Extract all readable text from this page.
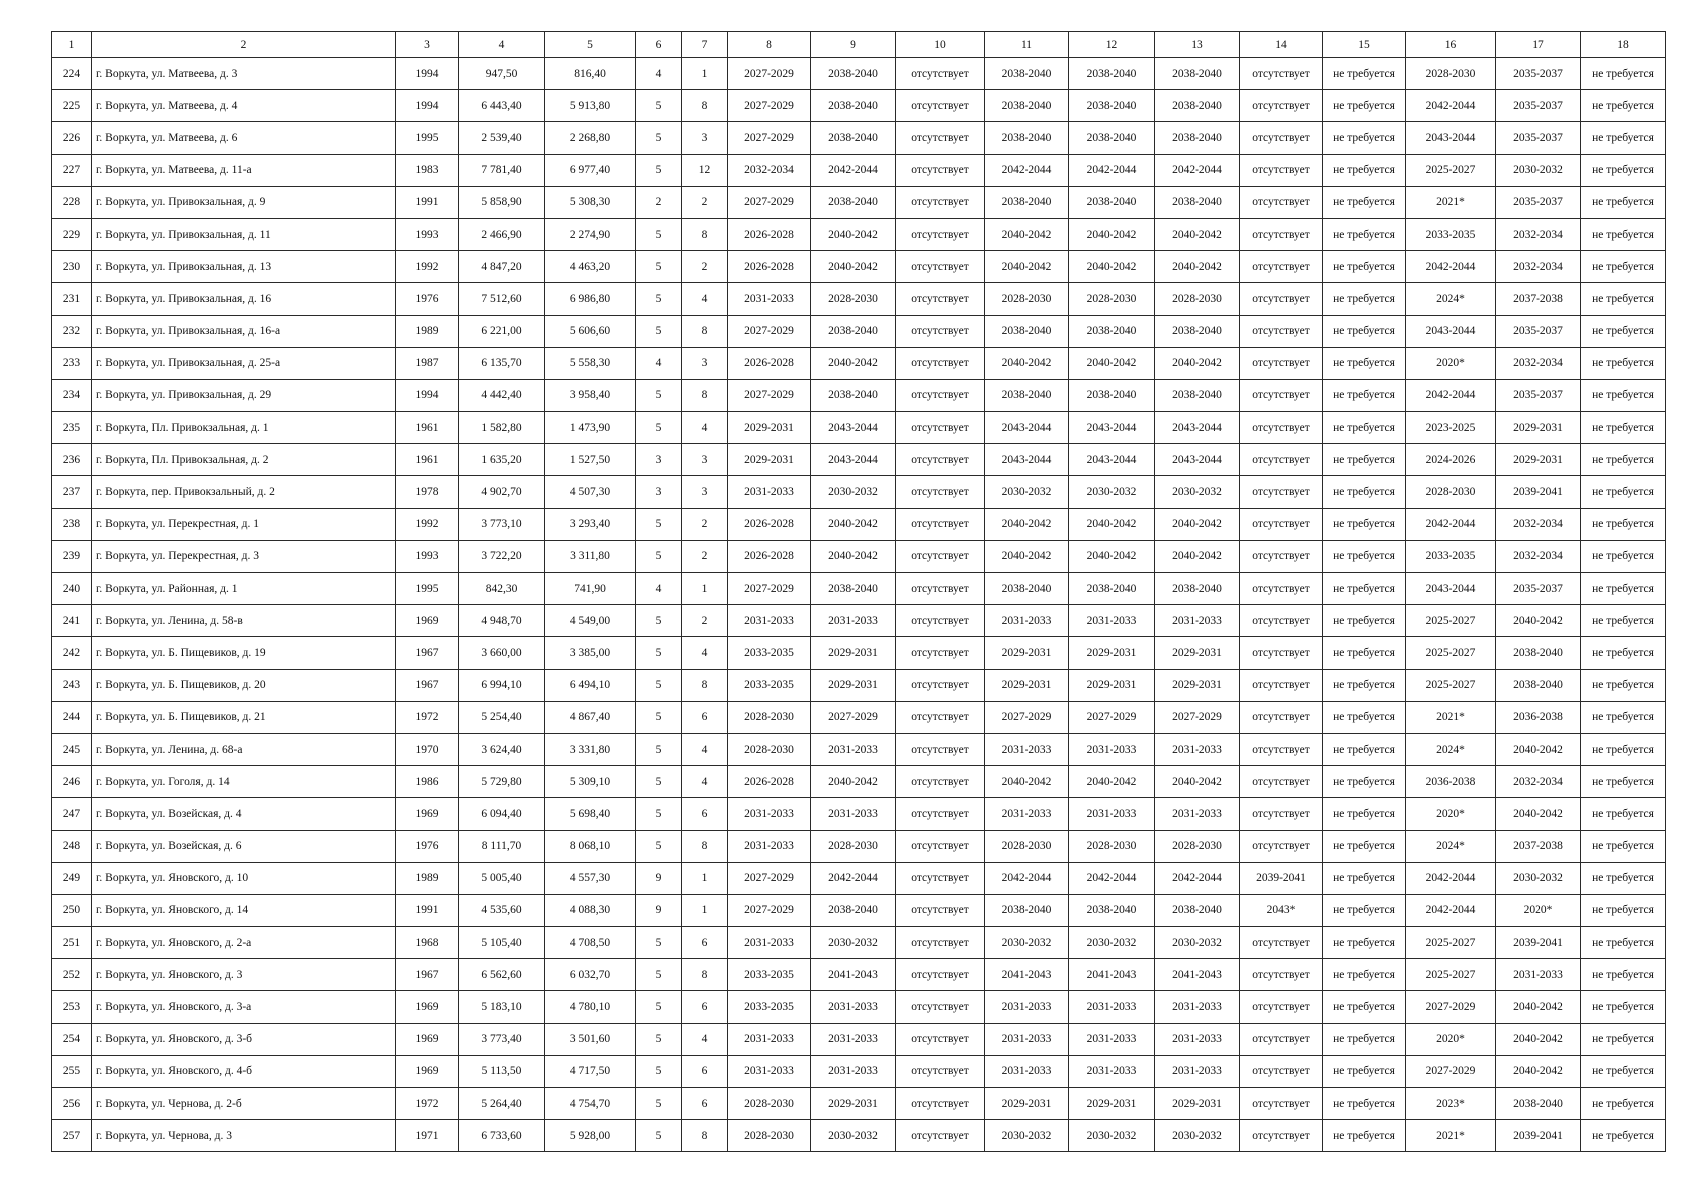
1	2	3	4	5	6	7	8	9	10	11	12	13	14	15	16	17	18
224	г. Воркута, ул. Матвеева, д. 3	1994	947,50	816,40	4	1	2027-2029	2038-2040	отсутствует	2038-2040	2038-2040	2038-2040	отсутствует	не требуется	2028-2030	2035-2037	не требуется
225	г. Воркута, ул. Матвеева, д. 4	1994	6 443,40	5 913,80	5	8	2027-2029	2038-2040	отсутствует	2038-2040	2038-2040	2038-2040	отсутствует	не требуется	2042-2044	2035-2037	не требуется
226	г. Воркута, ул. Матвеева, д. 6	1995	2 539,40	2 268,80	5	3	2027-2029	2038-2040	отсутствует	2038-2040	2038-2040	2038-2040	отсутствует	не требуется	2043-2044	2035-2037	не требуется
227	г. Воркута, ул. Матвеева, д. 11-а	1983	7 781,40	6 977,40	5	12	2032-2034	2042-2044	отсутствует	2042-2044	2042-2044	2042-2044	отсутствует	не требуется	2025-2027	2030-2032	не требуется
228	г. Воркута, ул. Привокзальная, д. 9	1991	5 858,90	5 308,30	2	2	2027-2029	2038-2040	отсутствует	2038-2040	2038-2040	2038-2040	отсутствует	не требуется	2021*	2035-2037	не требуется
229	г. Воркута, ул. Привокзальная, д. 11	1993	2 466,90	2 274,90	5	8	2026-2028	2040-2042	отсутствует	2040-2042	2040-2042	2040-2042	отсутствует	не требуется	2033-2035	2032-2034	не требуется
230	г. Воркута, ул. Привокзальная, д. 13	1992	4 847,20	4 463,20	5	2	2026-2028	2040-2042	отсутствует	2040-2042	2040-2042	2040-2042	отсутствует	не требуется	2042-2044	2032-2034	не требуется
231	г. Воркута, ул. Привокзальная, д. 16	1976	7 512,60	6 986,80	5	4	2031-2033	2028-2030	отсутствует	2028-2030	2028-2030	2028-2030	отсутствует	не требуется	2024*	2037-2038	не требуется
232	г. Воркута, ул. Привокзальная, д. 16-а	1989	6 221,00	5 606,60	5	8	2027-2029	2038-2040	отсутствует	2038-2040	2038-2040	2038-2040	отсутствует	не требуется	2043-2044	2035-2037	не требуется
233	г. Воркута, ул. Привокзальная, д. 25-а	1987	6 135,70	5 558,30	4	3	2026-2028	2040-2042	отсутствует	2040-2042	2040-2042	2040-2042	отсутствует	не требуется	2020*	2032-2034	не требуется
234	г. Воркута, ул. Привокзальная, д. 29	1994	4 442,40	3 958,40	5	8	2027-2029	2038-2040	отсутствует	2038-2040	2038-2040	2038-2040	отсутствует	не требуется	2042-2044	2035-2037	не требуется
235	г. Воркута, Пл. Привокзальная, д. 1	1961	1 582,80	1 473,90	5	4	2029-2031	2043-2044	отсутствует	2043-2044	2043-2044	2043-2044	отсутствует	не требуется	2023-2025	2029-2031	не требуется
236	г. Воркута, Пл. Привокзальная, д. 2	1961	1 635,20	1 527,50	3	3	2029-2031	2043-2044	отсутствует	2043-2044	2043-2044	2043-2044	отсутствует	не требуется	2024-2026	2029-2031	не требуется
237	г. Воркута, пер. Привокзальный, д. 2	1978	4 902,70	4 507,30	3	3	2031-2033	2030-2032	отсутствует	2030-2032	2030-2032	2030-2032	отсутствует	не требуется	2028-2030	2039-2041	не требуется
238	г. Воркута, ул. Перекрестная, д. 1	1992	3 773,10	3 293,40	5	2	2026-2028	2040-2042	отсутствует	2040-2042	2040-2042	2040-2042	отсутствует	не требуется	2042-2044	2032-2034	не требуется
239	г. Воркута, ул. Перекрестная, д. 3	1993	3 722,20	3 311,80	5	2	2026-2028	2040-2042	отсутствует	2040-2042	2040-2042	2040-2042	отсутствует	не требуется	2033-2035	2032-2034	не требуется
240	г. Воркута, ул. Районная, д. 1	1995	842,30	741,90	4	1	2027-2029	2038-2040	отсутствует	2038-2040	2038-2040	2038-2040	отсутствует	не требуется	2043-2044	2035-2037	не требуется
241	г. Воркута, ул. Ленина, д. 58-в	1969	4 948,70	4 549,00	5	2	2031-2033	2031-2033	отсутствует	2031-2033	2031-2033	2031-2033	отсутствует	не требуется	2025-2027	2040-2042	не требуется
242	г. Воркута, ул. Б. Пищевиков, д. 19	1967	3 660,00	3 385,00	5	4	2033-2035	2029-2031	отсутствует	2029-2031	2029-2031	2029-2031	отсутствует	не требуется	2025-2027	2038-2040	не требуется
243	г. Воркута, ул. Б. Пищевиков, д. 20	1967	6 994,10	6 494,10	5	8	2033-2035	2029-2031	отсутствует	2029-2031	2029-2031	2029-2031	отсутствует	не требуется	2025-2027	2038-2040	не требуется
244	г. Воркута, ул. Б. Пищевиков, д. 21	1972	5 254,40	4 867,40	5	6	2028-2030	2027-2029	отсутствует	2027-2029	2027-2029	2027-2029	отсутствует	не требуется	2021*	2036-2038	не требуется
245	г. Воркута, ул. Ленина, д. 68-а	1970	3 624,40	3 331,80	5	4	2028-2030	2031-2033	отсутствует	2031-2033	2031-2033	2031-2033	отсутствует	не требуется	2024*	2040-2042	не требуется
246	г. Воркута, ул. Гоголя, д. 14	1986	5 729,80	5 309,10	5	4	2026-2028	2040-2042	отсутствует	2040-2042	2040-2042	2040-2042	отсутствует	не требуется	2036-2038	2032-2034	не требуется
247	г. Воркута, ул. Возейская, д. 4	1969	6 094,40	5 698,40	5	6	2031-2033	2031-2033	отсутствует	2031-2033	2031-2033	2031-2033	отсутствует	не требуется	2020*	2040-2042	не требуется
248	г. Воркута, ул. Возейская, д. 6	1976	8 111,70	8 068,10	5	8	2031-2033	2028-2030	отсутствует	2028-2030	2028-2030	2028-2030	отсутствует	не требуется	2024*	2037-2038	не требуется
249	г. Воркута, ул. Яновского, д. 10	1989	5 005,40	4 557,30	9	1	2027-2029	2042-2044	отсутствует	2042-2044	2042-2044	2042-2044	2039-2041	не требуется	2042-2044	2030-2032	не требуется
250	г. Воркута, ул. Яновского, д. 14	1991	4 535,60	4 088,30	9	1	2027-2029	2038-2040	отсутствует	2038-2040	2038-2040	2038-2040	2043*	не требуется	2042-2044	2020*	не требуется
251	г. Воркута, ул. Яновского, д. 2-а	1968	5 105,40	4 708,50	5	6	2031-2033	2030-2032	отсутствует	2030-2032	2030-2032	2030-2032	отсутствует	не требуется	2025-2027	2039-2041	не требуется
252	г. Воркута, ул. Яновского, д. 3	1967	6 562,60	6 032,70	5	8	2033-2035	2041-2043	отсутствует	2041-2043	2041-2043	2041-2043	отсутствует	не требуется	2025-2027	2031-2033	не требуется
253	г. Воркута, ул. Яновского, д. 3-а	1969	5 183,10	4 780,10	5	6	2033-2035	2031-2033	отсутствует	2031-2033	2031-2033	2031-2033	отсутствует	не требуется	2027-2029	2040-2042	не требуется
254	г. Воркута, ул. Яновского, д. 3-б	1969	3 773,40	3 501,60	5	4	2031-2033	2031-2033	отсутствует	2031-2033	2031-2033	2031-2033	отсутствует	не требуется	2020*	2040-2042	не требуется
255	г. Воркута, ул. Яновского, д. 4-б	1969	5 113,50	4 717,50	5	6	2031-2033	2031-2033	отсутствует	2031-2033	2031-2033	2031-2033	отсутствует	не требуется	2027-2029	2040-2042	не требуется
256	г. Воркута, ул. Чернова, д. 2-б	1972	5 264,40	4 754,70	5	6	2028-2030	2029-2031	отсутствует	2029-2031	2029-2031	2029-2031	отсутствует	не требуется	2023*	2038-2040	не требуется
257	г. Воркута, ул. Чернова, д. 3	1971	6 733,60	5 928,00	5	8	2028-2030	2030-2032	отсутствует	2030-2032	2030-2032	2030-2032	отсутствует	не требуется	2021*	2039-2041	не требуется
